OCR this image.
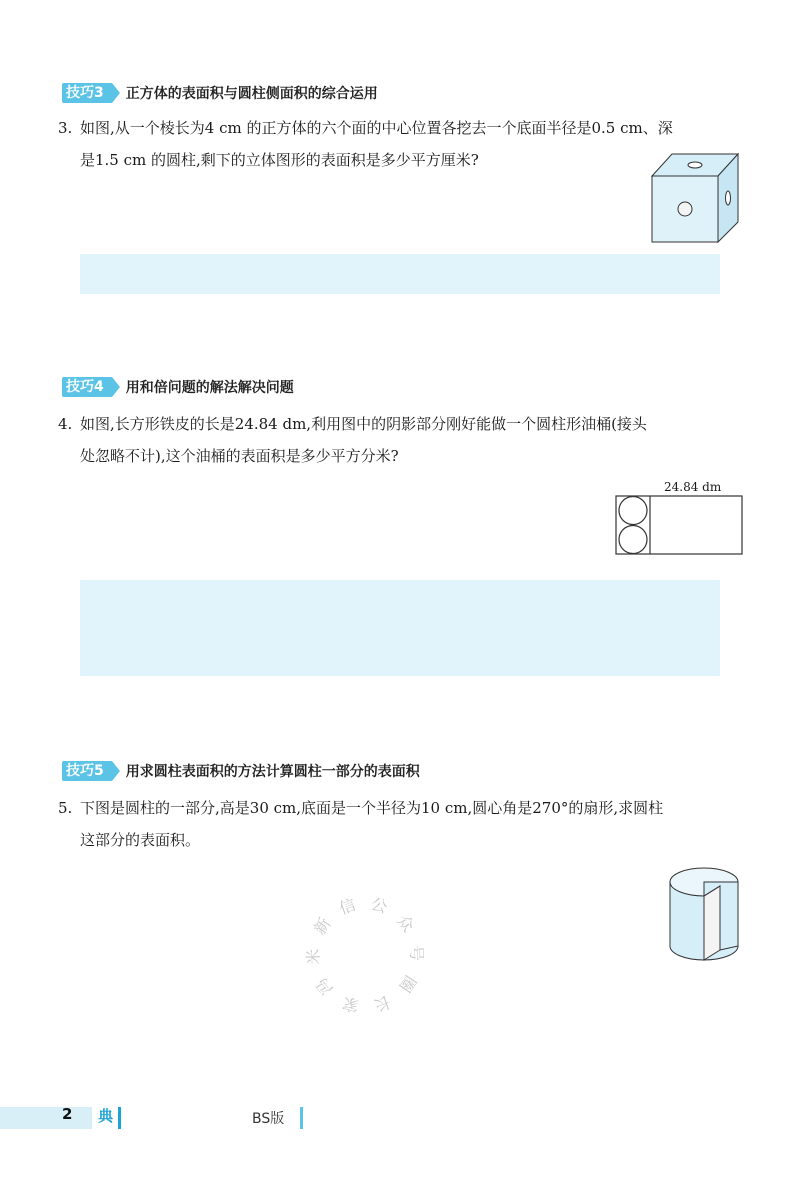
技巧3	正方体的表面积与圆柱侧面积的综合运用
3. 如图,从一个棱长为4 cm 的正方体的六个面的中心位置各挖去一个底面半径是0.5 cm、深
是1.5 cm 的圆柱,剩下的立体图形的表面积是多少平方厘米?
技巧4	用和倍问题的解法解决问题
4. 如图,长方形铁皮的长是24.84 dm,利用图中的阴影部分刚好能做一个圆柱形油桶(接头
处忽略不计),这个油桶的表面积是多少平方分米?
24.84 dm
技巧5	用求圆柱表面积的方法计算圆柱一部分的表面积
5. 下图是圆柱的一部分,高是30 cm,底面是一个半径为10 cm,圆心角是270°的扇形,求圆柱
这部分的表面积。
信 公
众
号
圈
长
家
冯
米
新
2 典	BS版
